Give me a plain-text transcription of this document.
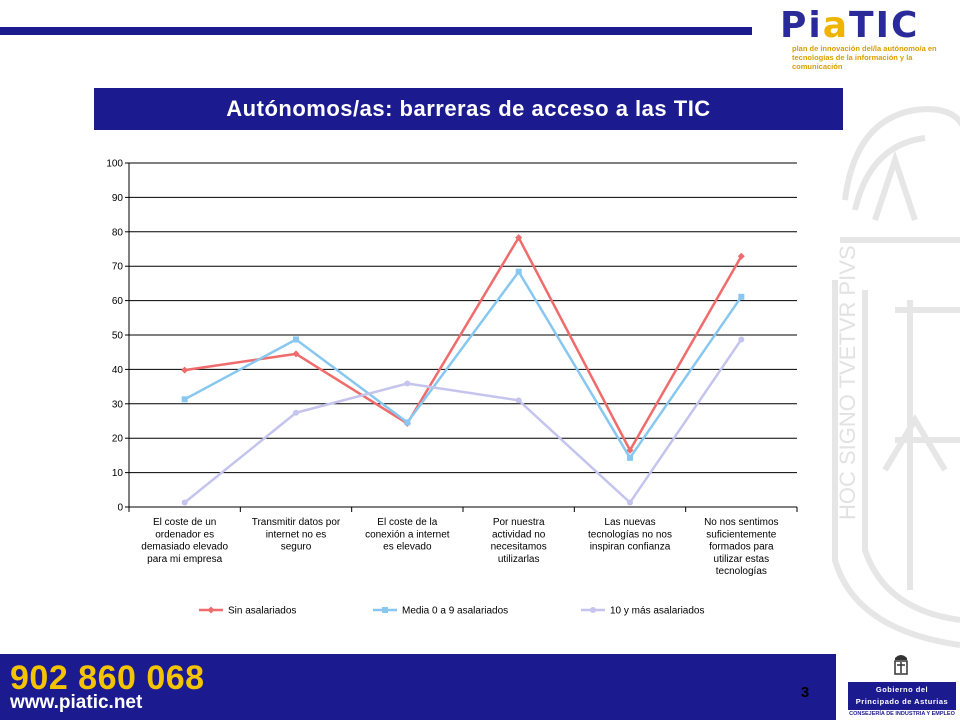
PiaTIC
plan de innovación del/la autónomo/a en
tecnologías de la información y la comunicación
Autónomos/as: barreras de acceso a las TIC
HOC SIGNO TVETVR PIVS
0
10
20
30
40
50
60
70
80
90
100
El coste de un ordenador es demasiado elevado para mi empresa
Transmitir datos por internet no es seguro
El coste de la conexión a internet es elevado
Por nuestra actividad no necesitamos utilizarlas
Las nuevas tecnologías no nos inspiran confianza
No nos sentimos suficientemente formados para utilizar estas tecnologías
Sin asalariados	Media 0 a 9 asalariados	10 y más asalariados
902 860 068
www.piatic.net	3	Gobierno del
Principado de Asturias
CONSEJERÍA DE INDUSTRIA Y EMPLEO
